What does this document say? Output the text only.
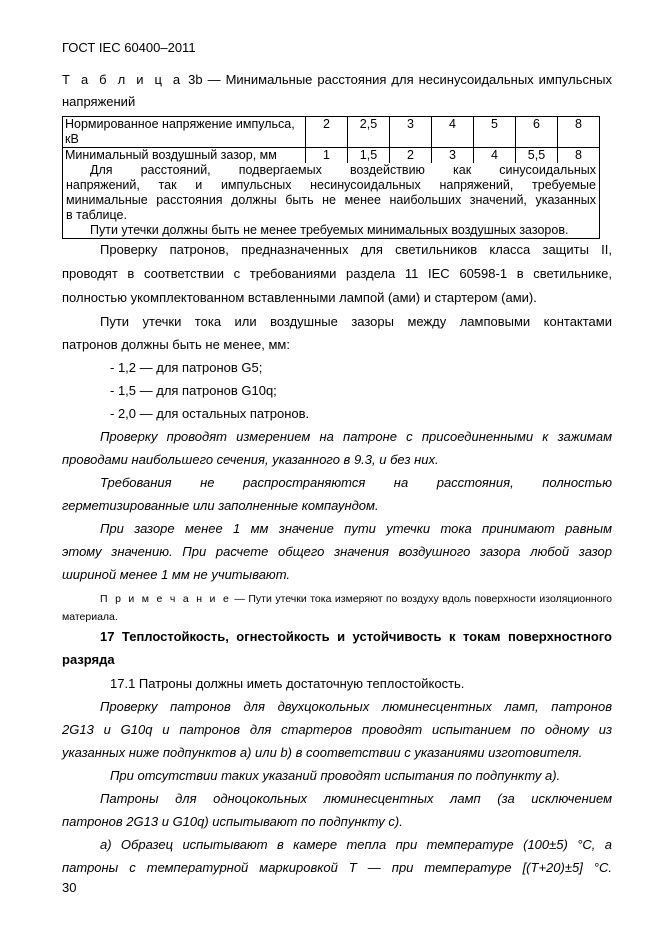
ГОСТ IEC 60400–2011
Т а б л и ц а 3b — Минимальные расстояния для несинусоидальных импульсных
напряжений
Нормированное напряжение импульса,
кВ	2	2,5	3	4	5	6	8
Минимальный воздушный зазор, мм	1	1,5	2	3	4	5,5	8

Для расстояний, подвергаемых воздействию как синусоидальных
напряжений, так и импульсных несинусоидальных напряжений, требуемые
минимальные расстояния должны быть не менее наибольших значений, указанных
в таблице.
Пути утечки должны быть не менее требуемых минимальных воздушных зазоров.							
Проверку патронов, предназначенных для светильников класса защиты II,
проводят в соответствии с требованиями раздела 11 IEC 60598-1 в светильнике,
полностью укомплектованном вставленными лампой (ами) и стартером (ами).
Пути утечки тока или воздушные зазоры между ламповыми контактами
патронов должны быть не менее, мм:
- 1,2 — для патронов G5;
- 1,5 — для патронов G10q;
- 2,0 — для остальных патронов.
Проверку проводят измерением на патроне с присоединенными к зажимам
проводами наибольшего сечения, указанного в 9.3, и без них.
Требования не распространяются на расстояния, полностью
герметизированные или заполненные компаундом.
При зазоре менее 1 мм значение пути утечки тока принимают равным
этому значению. При расчете общего значения воздушного зазора любой зазор
шириной менее 1 мм не учитывают.
П р и м е ч а н и е — Пути утечки тока измеряют по воздуху вдоль поверхности изоляционного
материала.
17 Теплостойкость, огнестойкость и устойчивость к токам поверхностного
разряда
17.1 Патроны должны иметь достаточную теплостойкость.
Проверку патронов для двухцокольных люминесцентных ламп, патронов
2G13 и G10q и патронов для стартеров проводят испытанием по одному из
указанных ниже подпунктов a) или b) в соответствии с указаниями изготовителя.
При отсутствии таких указаний проводят испытания по подпункту a).
Патроны для одноцокольных люминесцентных ламп (за исключением
патронов 2G13 и G10q) испытывают по подпункту c).
a) Образец испытывают в камере тепла при температуре (100±5) °С, а
патроны с температурной маркировкой T — при температуре [(T+20)±5] °С.
30
